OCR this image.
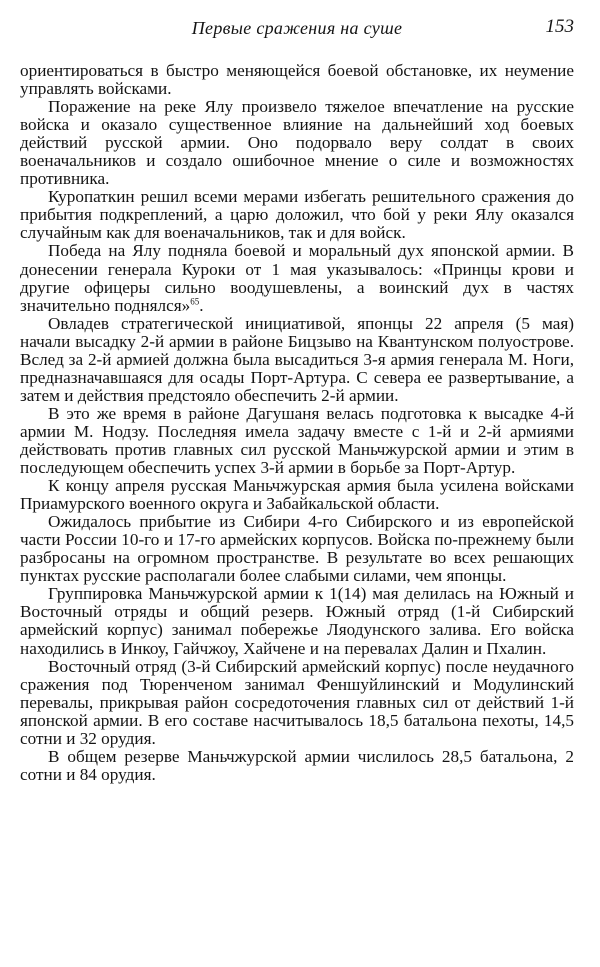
Первые сражения на суше	153

ориентироваться в быстро меняющейся боевой обстановке, их неумение управлять войсками.

Поражение на реке Ялу произвело тяжелое впечатление на русские войска и оказало существенное влияние на дальнейший ход боевых действий русской армии. Оно подорвало веру солдат в своих военачальников и создало ошибочное мнение о силе и возможностях противника.

Куропаткин решил всеми мерами избегать решительного сражения до прибытия подкреплений, а царю доложил, что бой у реки Ялу оказался случайным как для военачальников, так и для войск.

Победа на Ялу подняла боевой и моральный дух японской армии. В донесении генерала Куроки от 1 мая указывалось: «Принцы крови и другие офицеры сильно воодушевлены, а воинский дух в частях значительно поднялся»$^{65}$.

Овладев стратегической инициативой, японцы 22 апреля (5 мая) начали высадку 2-й армии в районе Бицзыво на Квантунском полуострове. Вслед за 2-й армией должна была высадиться 3-я армия генерала М. Ноги, предназначавшаяся для осады Порт-Артура. С севера ее развертывание, а затем и действия предстояло обеспечить 2-й армии.

В это же время в районе Дагушаня велась подготовка к высадке 4-й армии М. Нодзу. Последняя имела задачу вместе с 1-й и 2-й армиями действовать против главных сил русской Маньчжурской армии и этим в последующем обеспечить успех 3-й армии в борьбе за Порт-Артур.

К концу апреля русская Маньчжурская армия была усилена войсками Приамурского военного округа и Забайкальской области.

Ожидалось прибытие из Сибири 4-го Сибирского и из европейской части России 10-го и 17-го армейских корпусов. Войска по-прежнему были разбросаны на огромном пространстве. В результате во всех решающих пунктах русские располагали более слабыми силами, чем японцы.

Группировка Маньчжурской армии к 1(14) мая делилась на Южный и Восточный отряды и общий резерв. Южный отряд (1-й Сибирский армейский корпус) занимал побережье Ляодунского залива. Его войска находились в Инкоу, Гайчжоу, Хайчене и на перевалах Далин и Пхалин.

Восточный отряд (3-й Сибирский армейский корпус) после неудачного сражения под Тюренченом занимал Феншуйлинский и Модулинский перевалы, прикрывая район сосредоточения главных сил от действий 1-й японской армии. В его составе насчитывалось 18,5 батальона пехоты, 14,5 сотни и 32 орудия.

В общем резерве Маньчжурской армии числилось 28,5 батальона, 2 сотни и 84 орудия.
